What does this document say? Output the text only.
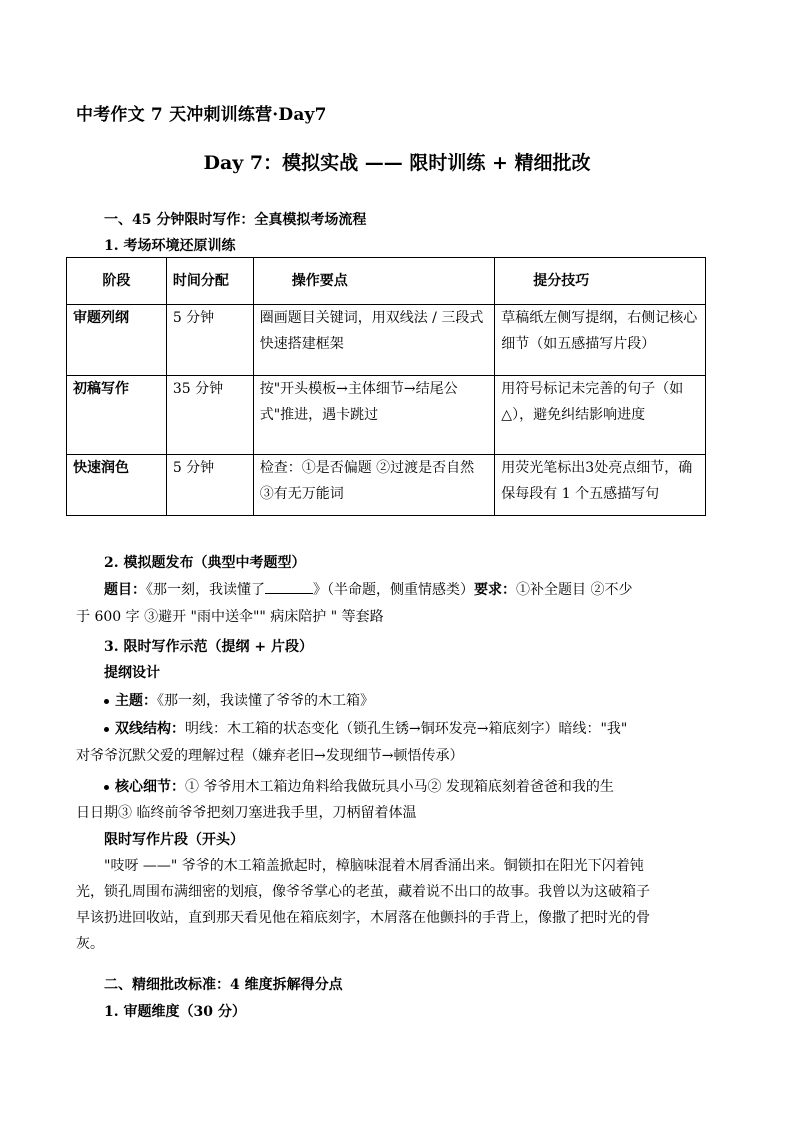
中考作文 7 天冲刺训练营·Day7
Day 7：模拟实战 —— 限时训练 + 精细批改
一、45 分钟限时写作：全真模拟考场流程
1. 考场环境还原训练
阶段	时间分配	操作要点	提分技巧
审题列纲	5 分钟	圈画题目关键词，用双线法 / 三段式快速搭建框架	草稿纸左侧写提纲，右侧记核心细节（如五感描写片段）
初稿写作	35 分钟	按"开头模板→主体细节→结尾公式"推进，遇卡跳过	用符号标记未完善的句子（如△），避免纠结影响进度
快速润色	5 分钟	检查：①是否偏题 ②过渡是否自然 ③有无万能词	用荧光笔标出3处亮点细节，确保每段有 1 个五感描写句
2. 模拟题发布（典型中考题型）
题目：《那一刻，我读懂了	》（半命题，侧重情感类）要求：①补全题目 ②不少
于 600 字 ③避开 "雨中送伞"" 病床陪护 " 等套路
3. 限时写作示范（提纲 + 片段）
提纲设计
主题：《那一刻，我读懂了爷爷的木工箱》
双线结构：明线：木工箱的状态变化（锁孔生锈→铜环发亮→箱底刻字）暗线："我"
对爷爷沉默父爱的理解过程（嫌弃老旧→发现细节→顿悟传承）
核心细节：① 爷爷用木工箱边角料给我做玩具小马② 发现箱底刻着爸爸和我的生
日日期③ 临终前爷爷把刻刀塞进我手里，刀柄留着体温
限时写作片段（开头）
"吱呀 ——" 爷爷的木工箱盖掀起时，樟脑味混着木屑香涌出来。铜锁扣在阳光下闪着钝
光，锁孔周围布满细密的划痕，像爷爷掌心的老茧，藏着说不出口的故事。我曾以为这破箱子
早该扔进回收站，直到那天看见他在箱底刻字，木屑落在他颤抖的手背上，像撒了把时光的骨
灰。
二、精细批改标准：4 维度拆解得分点
1. 审题维度（30 分）
